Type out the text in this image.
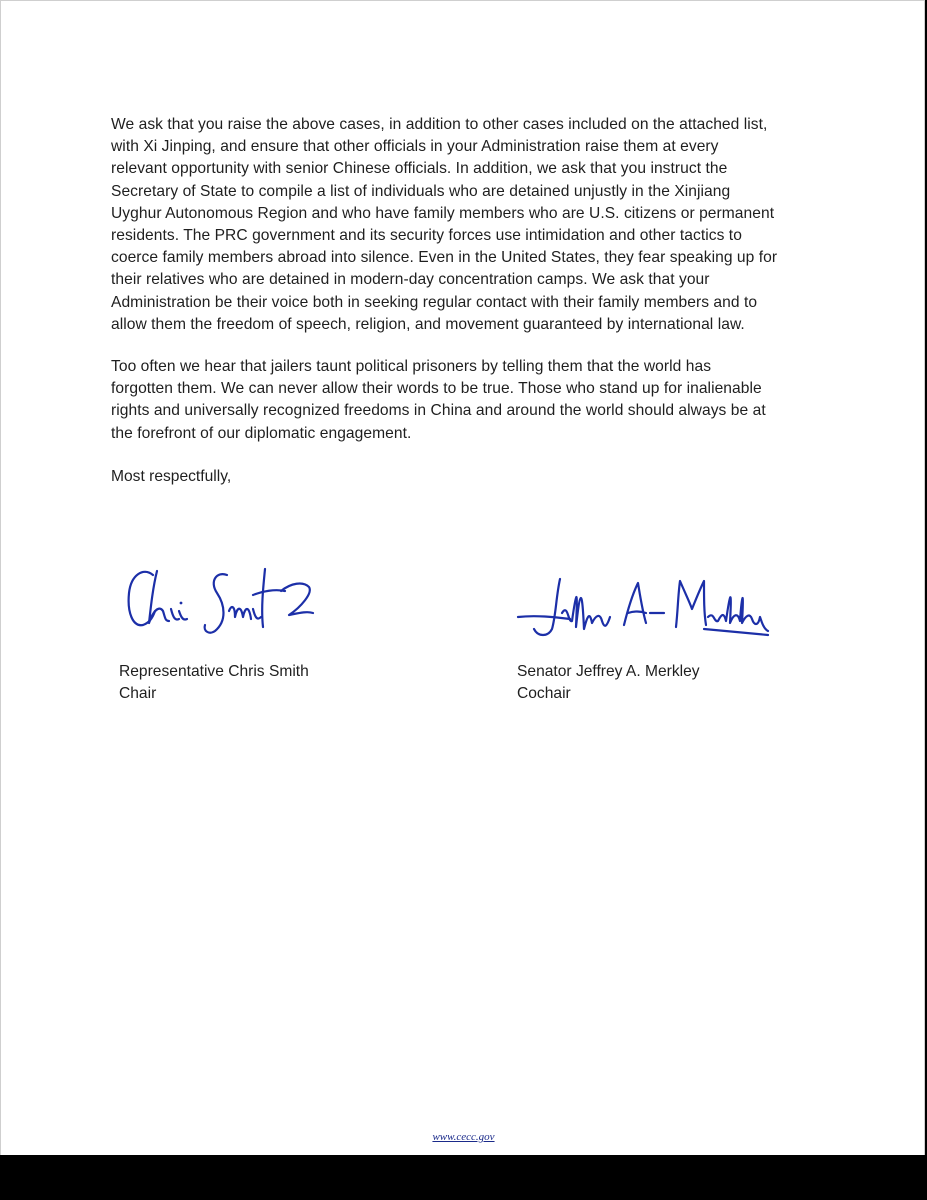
We ask that you raise the above cases, in addition to other cases included on the attached list,
with Xi Jinping, and ensure that other officials in your Administration raise them at every
relevant opportunity with senior Chinese officials. In addition, we ask that you instruct the
Secretary of State to compile a list of individuals who are detained unjustly in the Xinjiang
Uyghur Autonomous Region and who have family members who are U.S. citizens or permanent
residents. The PRC government and its security forces use intimidation and other tactics to
coerce family members abroad into silence. Even in the United States, they fear speaking up for
their relatives who are detained in modern-day concentration camps. We ask that your
Administration be their voice both in seeking regular contact with their family members and to
allow them the freedom of speech, religion, and movement guaranteed by international law.

Too often we hear that jailers taunt political prisoners by telling them that the world has
forgotten them. We can never allow their words to be true. Those who stand up for inalienable
rights and universally recognized freedoms in China and around the world should always be at
the forefront of our diplomatic engagement.

Most respectfully,

Representative Chris Smith
Chair
Senator Jeffrey A. Merkley
Cochair
www.cecc.gov
